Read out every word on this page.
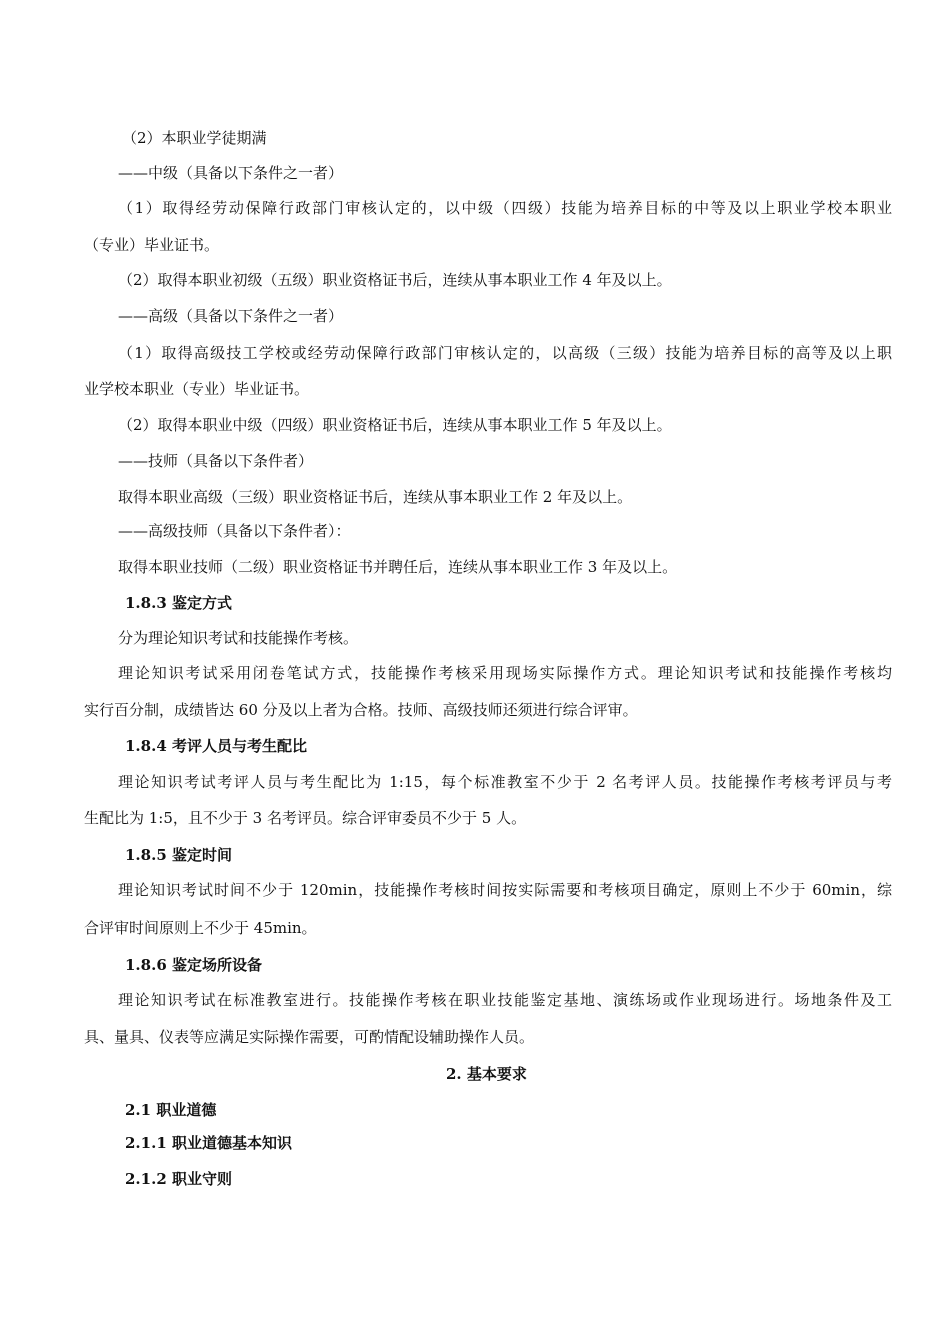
（2）本职业学徒期满
——中级（具备以下条件之一者）
（1）取得经劳动保障行政部门审核认定的，以中级（四级）技能为培养目标的中等及以上职业学校本职业
（专业）毕业证书。
（2）取得本职业初级（五级）职业资格证书后，连续从事本职业工作 4 年及以上。
——高级（具备以下条件之一者）
（1）取得高级技工学校或经劳动保障行政部门审核认定的，以高级（三级）技能为培养目标的高等及以上职
业学校本职业（专业）毕业证书。
（2）取得本职业中级（四级）职业资格证书后，连续从事本职业工作 5 年及以上。
——技师（具备以下条件者）
取得本职业高级（三级）职业资格证书后，连续从事本职业工作 2 年及以上。
——高级技师（具备以下条件者）：
取得本职业技师（二级）职业资格证书并聘任后，连续从事本职业工作 3 年及以上。
1.8.3 鉴定方式
分为理论知识考试和技能操作考核。
理论知识考试采用闭卷笔试方式，技能操作考核采用现场实际操作方式。理论知识考试和技能操作考核均
实行百分制，成绩皆达 60 分及以上者为合格。技师、高级技师还须进行综合评审。
1.8.4 考评人员与考生配比
理论知识考试考评人员与考生配比为 1:15，每个标准教室不少于 2 名考评人员。技能操作考核考评员与考
生配比为 1:5，且不少于 3 名考评员。综合评审委员不少于 5 人。
1.8.5 鉴定时间
理论知识考试时间不少于 120min，技能操作考核时间按实际需要和考核项目确定，原则上不少于 60min，综
合评审时间原则上不少于 45min。
1.8.6 鉴定场所设备
理论知识考试在标准教室进行。技能操作考核在职业技能鉴定基地、演练场或作业现场进行。场地条件及工
具、量具、仪表等应满足实际操作需要，可酌情配设辅助操作人员。
2. 基本要求
2.1 职业道德
2.1.1 职业道德基本知识
2.1.2 职业守则
